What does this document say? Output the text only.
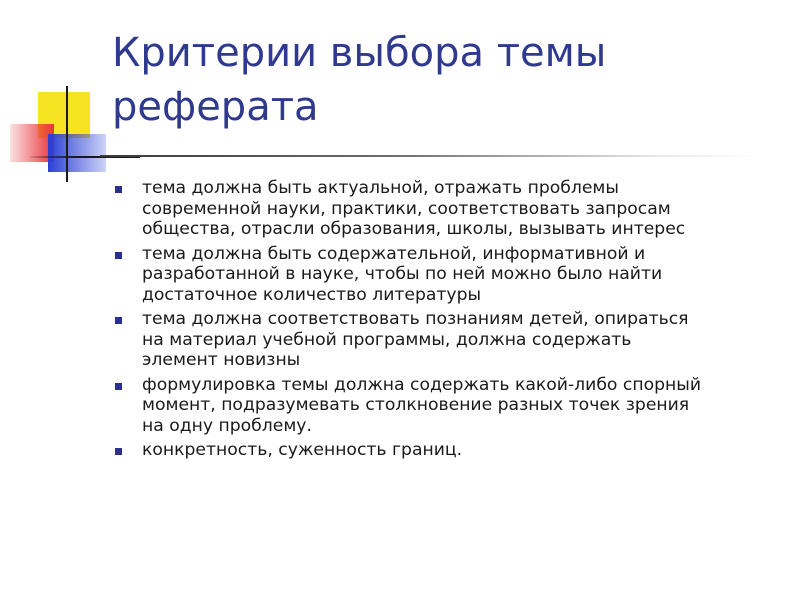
Критерии выбора темы
реферата
тема должна быть актуальной, отражать проблемы
современной науки, практики, соответствовать запросам
общества, отрасли образования, школы, вызывать интерес
тема должна быть содержательной, информативной и
разработанной в науке, чтобы по ней можно было найти
достаточное количество литературы
тема должна соответствовать познаниям детей, опираться
на материал учебной программы, должна содержать
элемент новизны
формулировка темы должна содержать какой-либо спорный
момент, подразумевать столкновение разных точек зрения
на одну проблему.
конкретность, суженность границ.
